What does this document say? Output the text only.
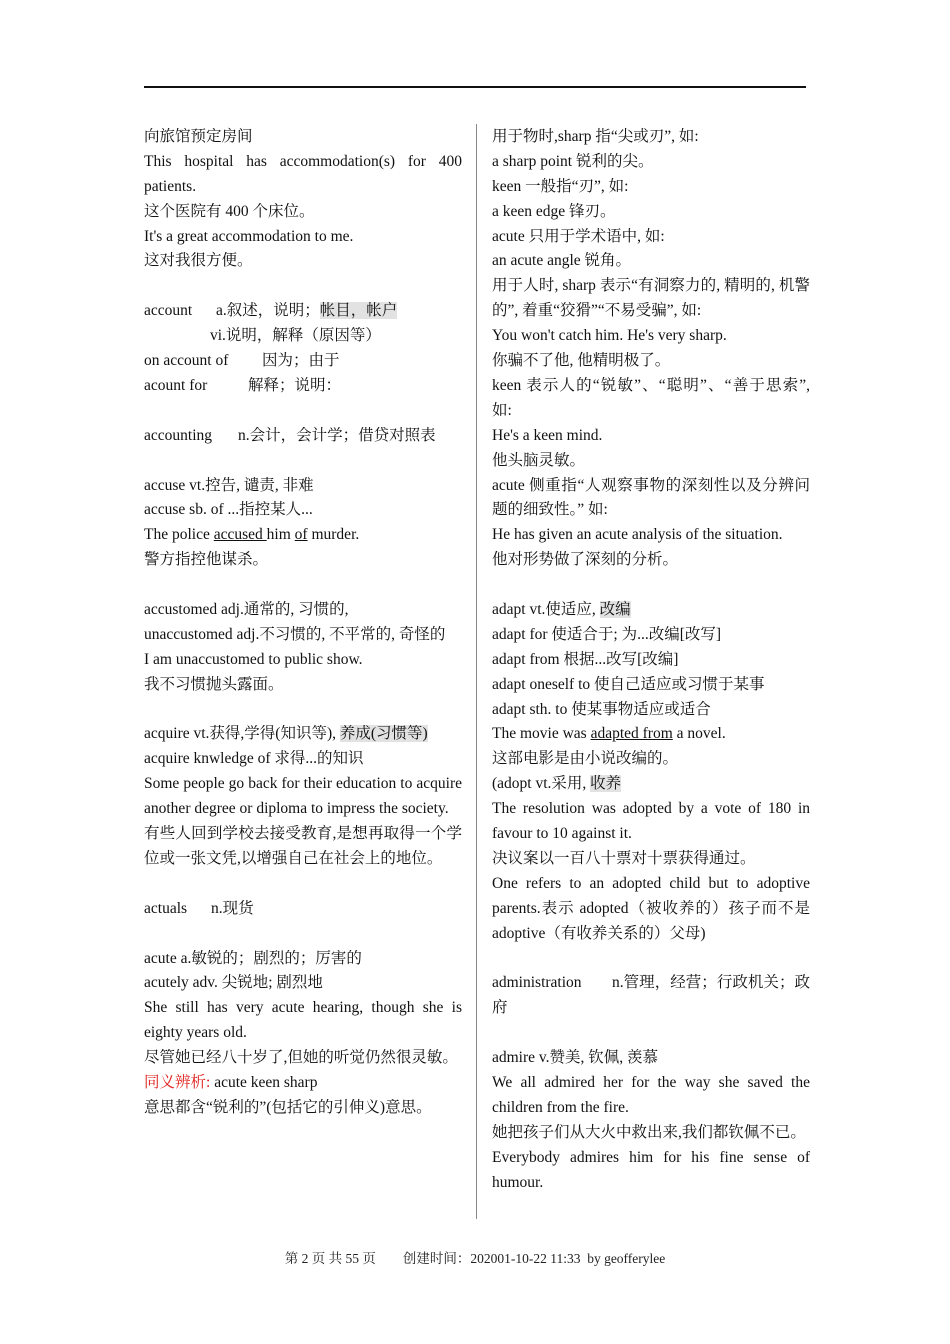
向旅馆预定房间
This hospital has accommodation(s) for 400 patients.
这个医院有 400 个床位。
It's a great accommodation to me.
这对我很方便。
account a.叙述，说明；帐目，帐户
vi.说明，解释（原因等）
on account of 因为；由于
acount for	解释；说明：
accounting n.会计，会计学；借贷对照表
accuse vt.控告, 谴责, 非难
accuse sb. of ...指控某人...
The police accused him of murder.
警方指控他谋杀。
accustomed adj.通常的, 习惯的,
unaccustomed adj.不习惯的, 不平常的, 奇怪的
I am unaccustomed to public show.
我不习惯抛头露面。
acquire vt.获得,学得(知识等), 养成(习惯等)
acquire knwledge of 求得...的知识
Some people go back for their education to acquire another degree or diploma to impress the society.
有些人回到学校去接受教育,是想再取得一个学位或一张文凭,以增强自己在社会上的地位。
actuals n.现货
acute a.敏锐的；剧烈的；厉害的
acutely adv. 尖锐地; 剧烈地
She still has very acute hearing, though she is eighty years old.
尽管她已经八十岁了,但她的听觉仍然很灵敏。
同义辨析: acute keen sharp
意思都含“锐利的”(包括它的引伸义)意思。
用于物时,sharp 指“尖或刃”, 如:
a sharp point 锐利的尖。
keen 一般指“刃”, 如:
a keen edge 锋刃。
acute 只用于学术语中, 如:
an acute angle 锐角。
用于人时, sharp 表示“有洞察力的, 精明的, 机警的”, 着重“狡猾”“不易受骗”, 如:
You won't catch him. He's very sharp.
你骗不了他, 他精明极了。
keen 表示人的“锐敏”、“聪明”、“善于思索”, 如:
He's a keen mind.
他头脑灵敏。
acute 侧重指“人观察事物的深刻性以及分辨问题的细致性。” 如:
He has given an acute analysis of the situation.
他对形势做了深刻的分析。
adapt vt.使适应, 改编
adapt for 使适合于; 为...改编[改写]
adapt from 根据...改写[改编]
adapt oneself to 使自己适应或习惯于某事
adapt sth. to 使某事物适应或适合
The movie was adapted from a novel.
这部电影是由小说改编的。
(adopt vt.采用, 收养
The resolution was adopted by a vote of 180 in favour to 10 against it.
决议案以一百八十票对十票获得通过。
One refers to an adopted child but to adoptive parents.表示 adopted（被收养的）孩子而不是 adoptive（有收养关系的）父母)
administration n.管理，经营；行政机关；政府
admire v.赞美, 钦佩, 羡慕
We all admired her for the way she saved the children from the fire.
她把孩子们从大火中救出来,我们都钦佩不已。
Everybody admires him for his fine sense of humour.
第 2 页 共 55 页        创建时间：202001-10-22 11:33  by geofferylee
